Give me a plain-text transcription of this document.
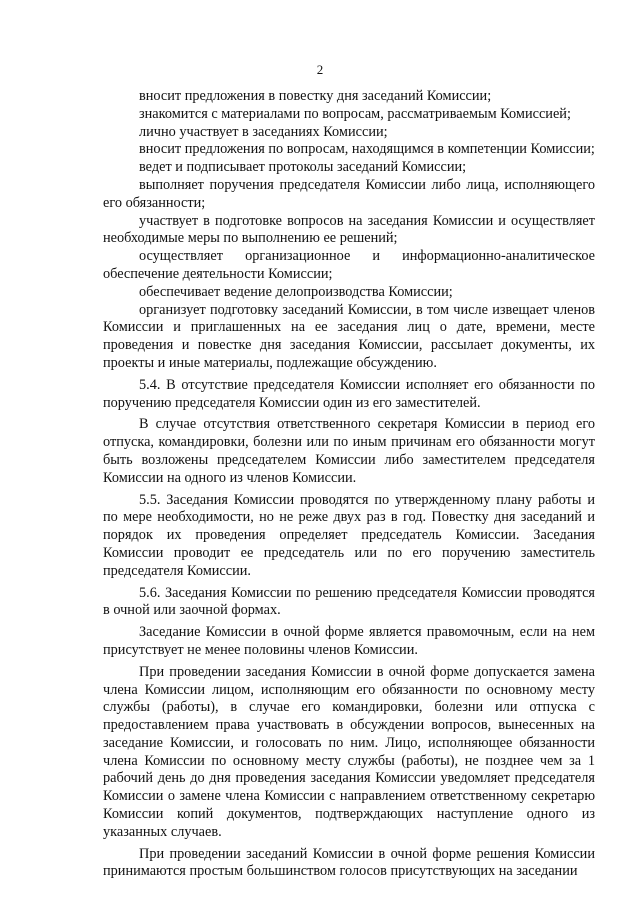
2

вносит предложения в повестку дня заседаний Комиссии;

знакомится с материалами по вопросам, рассматриваемым Комиссией;

лично участвует в заседаниях Комиссии;

вносит предложения по вопросам, находящимся в компетенции Комиссии;

ведет и подписывает протоколы заседаний Комиссии;

выполняет поручения председателя Комиссии либо лица, исполняющего его обязанности;

участвует в подготовке вопросов на заседания Комиссии и осуществляет необходимые меры по выполнению ее решений;

осуществляет организационное и информационно-аналитическое обеспечение деятельности Комиссии;

обеспечивает ведение делопроизводства Комиссии;

организует подготовку заседаний Комиссии, в том числе извещает членов Комиссии и приглашенных на ее заседания лиц о дате, времени, месте проведения и повестке дня заседания Комиссии, рассылает документы, их проекты и иные материалы, подлежащие обсуждению.

5.4. В отсутствие председателя Комиссии исполняет его обязанности по поручению председателя Комиссии один из его заместителей.

В случае отсутствия ответственного секретаря Комиссии в период его отпуска, командировки, болезни или по иным причинам его обязанности могут быть возложены председателем Комиссии либо заместителем председателя Комиссии на одного из членов Комиссии.

5.5. Заседания Комиссии проводятся по утвержденному плану работы и по мере необходимости, но не реже двух раз в год. Повестку дня заседаний и порядок их проведения определяет председатель Комиссии. Заседания Комиссии проводит ее председатель или по его поручению заместитель председателя Комиссии.

5.6. Заседания Комиссии по решению председателя Комиссии проводятся в очной или заочной формах.

Заседание Комиссии в очной форме является правомочным, если на нем присутствует не менее половины членов Комиссии.

При проведении заседания Комиссии в очной форме допускается замена члена Комиссии лицом, исполняющим его обязанности по основному месту службы (работы), в случае его командировки, болезни или отпуска с предоставлением права участвовать в обсуждении вопросов, вынесенных на заседание Комиссии, и голосовать по ним. Лицо, исполняющее обязанности члена Комиссии по основному месту службы (работы), не позднее чем за 1 рабочий день до дня проведения заседания Комиссии уведомляет председателя Комиссии о замене члена Комиссии с направлением ответственному секретарю Комиссии копий документов, подтверждающих наступление одного из указанных случаев.

При проведении заседаний Комиссии в очной форме решения Комиссии принимаются простым большинством голосов присутствующих на заседании
